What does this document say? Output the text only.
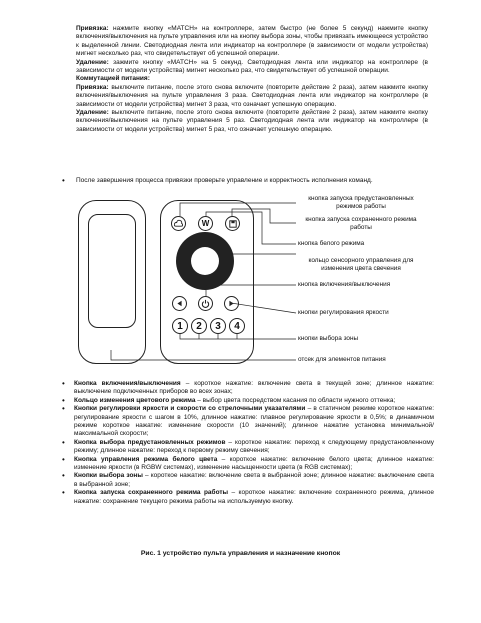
Привязка: нажмите кнопку «MATCH» на контроллере, затем быстро (не более 5 секунд) нажмите кнопку включения/выключения на пульте управления или на кнопку выбора зоны, чтобы привязать имеющееся устройство к выделенной линии. Светодиодная лента или индикатор на контроллере (в зависимости от модели устройства) мигнет несколько раз, что свидетельствует об успешной операции.

Удаление: зажмите кнопку «MATCH» на 5 секунд. Светодиодная лента или индикатор на контроллере (в зависимости от модели устройства) мигнет несколько раз, что свидетельствует об успешной операции.

Коммутацией питания:

Привязка: выключите питание, после этого снова включите (повторите действие 2 раза), затем нажмите кнопку включения/выключения на пульте управления 3 раза. Светодиодная лента или индикатор на контроллере (в зависимости от модели устройства) мигнет 3 раза, что означает успешную операцию.

Удаление: выключите питание, после этого снова включите (повторите действие 2 раза), затем нажмите кнопку включения/выключения на пульте управления 5 раз. Светодиодная лента или индикатор на контроллере (в зависимости от модели устройства) мигнет 5 раз, что означает успешную операцию.

• После завершения процесса привязки проверьте управление и корректность исполнения команд.
W
1	2	3	4
кнопка запуска предустановленных режимов работы
кнопка запуска сохраненного режима работы
кнопка белого режима
кольцо сенсорного управления для изменения цвета свечения
кнопка включения/выключения
кнопки регулирования яркости
кнопки выбора зоны
отсек для элементов питания

• Кнопка включения/выключения – короткое нажатие: включение света в текущей зоне; длинное нажатие: выключение подключенных приборов во всех зонах;

• Кольцо изменения цветового режима – выбор цвета посредством касания по области нужного оттенка;

• Кнопки регулировки яркости и скорости со стрелочными указателями – в статичном режиме короткое нажатие: регулирование яркости с шагом в 10%, длинное нажатие: плавное регулирование яркости в 0,5%; в динамичном режиме короткое нажатие: изменение скорости (10 значений); длинное нажатие установка минимальной/максимальной скорости;

• Кнопка выбора предустановленных режимов – короткое нажатие: переход к следующему предустановленному режиму; длинное нажатие: переход к первому режиму свечения;

• Кнопка управления режима белого цвета – короткое нажатие: включение белого цвета; длинное нажатие: изменение яркости (в RGBW системах), изменение насыщенности цвета (в RGB системах);

• Кнопки выбора зоны – короткое нажатие: включение света в выбранной зоне; длинное нажатие: выключение света в выбранной зоне;

• Кнопка запуска сохраненного режима работы – короткое нажатие: включение сохраненного режима, длинное нажатие: сохранение текущего режима работы на используемую кнопку.

Рис. 1 устройство пульта управления и назначение кнопок
